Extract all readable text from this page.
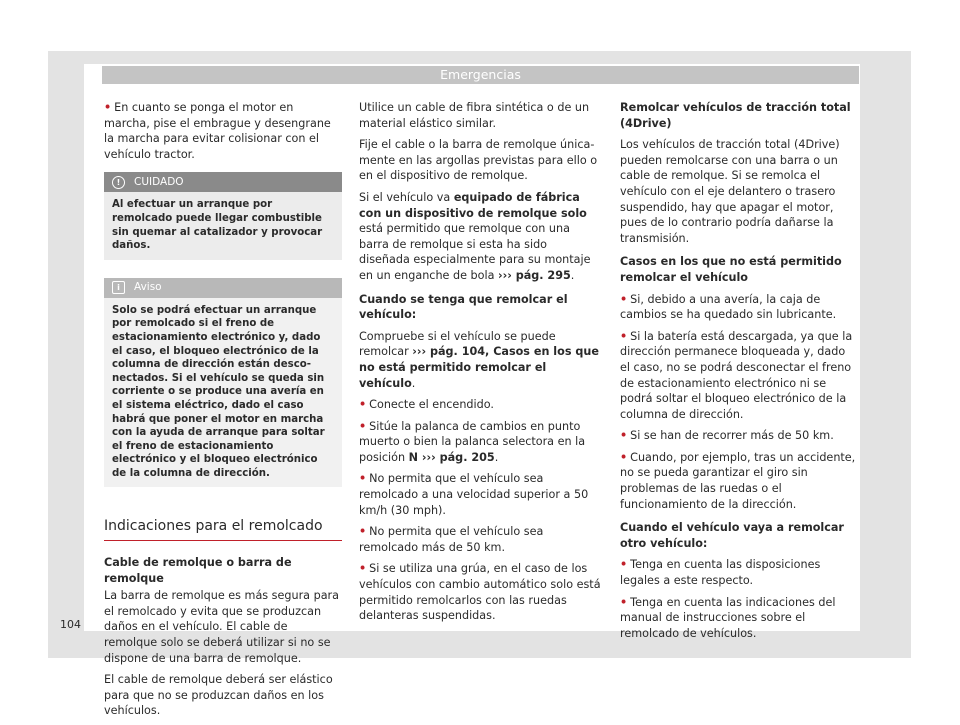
Emergencias

• En cuanto se ponga el motor en marcha, pise el embrague y desengrane la marcha para evitar colisionar con el vehículo tractor.

!	CUIDADO
Al efectuar un arranque por remolcado puede llegar combustible sin quemar al catalizador y provocar daños.
i	Aviso
Solo se podrá efectuar un arranque por remolcado si el freno de estacionamiento electrónico y, dado el caso, el bloqueo electrónico de la columna de dirección están desconectados. Si el vehículo se queda sin corriente o se produce una avería en el sistema eléctrico, dado el caso habrá que poner el motor en marcha con la ayuda de arranque para soltar el freno de estacionamiento electrónico y el bloqueo electrónico de la columna de dirección.
Indicaciones para el remolcado

Cable de remolque o barra de remolque

La barra de remolque es más segura para el remolcado y evita que se produzcan daños en el vehículo. El cable de remolque solo se deberá utilizar si no se dispone de una barra de remolque.

El cable de remolque deberá ser elástico para que no se produzcan daños en los vehículos.

Utilice un cable de fibra sintética o de un material elástico similar.

Fije el cable o la barra de remolque únicamente en las argollas previstas para ello o en el dispositivo de remolque.

Si el vehículo va equipado de fábrica con un dispositivo de remolque solo está permitido que remolque con una barra de remolque si esta ha sido diseñada especialmente para su montaje en un enganche de bola ››› pág. 295.

Cuando se tenga que remolcar el vehículo:

Compruebe si el vehículo se puede remolcar ››› pág. 104, Casos en los que no está permitido remolcar el vehículo.

• Conecte el encendido.

• Sitúe la palanca de cambios en punto muerto o bien la palanca selectora en la posición N ››› pág. 205.

• No permita que el vehículo sea remolcado a una velocidad superior a 50 km/h (30 mph).

• No permita que el vehículo sea remolcado más de 50 km.

• Si se utiliza una grúa, en el caso de los vehículos con cambio automático solo está permitido remolcarlos con las ruedas delanteras suspendidas.

Remolcar vehículos de tracción total (4Drive)

Los vehículos de tracción total (4Drive) pueden remolcarse con una barra o un cable de remolque. Si se remolca el vehículo con el eje delantero o trasero suspendido, hay que apagar el motor, pues de lo contrario podría dañarse la transmisión.

Casos en los que no está permitido remolcar el vehículo

• Si, debido a una avería, la caja de cambios se ha quedado sin lubricante.

• Si la batería está descargada, ya que la dirección permanece bloqueada y, dado el caso, no se podrá desconectar el freno de estacionamiento electrónico ni se podrá soltar el bloqueo electrónico de la columna de dirección.

• Si se han de recorrer más de 50 km.

• Cuando, por ejemplo, tras un accidente, no se pueda garantizar el giro sin problemas de las ruedas o el funcionamiento de la dirección.

Cuando el vehículo vaya a remolcar otro vehículo:

• Tenga en cuenta las disposiciones legales a este respecto.

• Tenga en cuenta las indicaciones del manual de instrucciones sobre el remolcado de vehículos.

104
